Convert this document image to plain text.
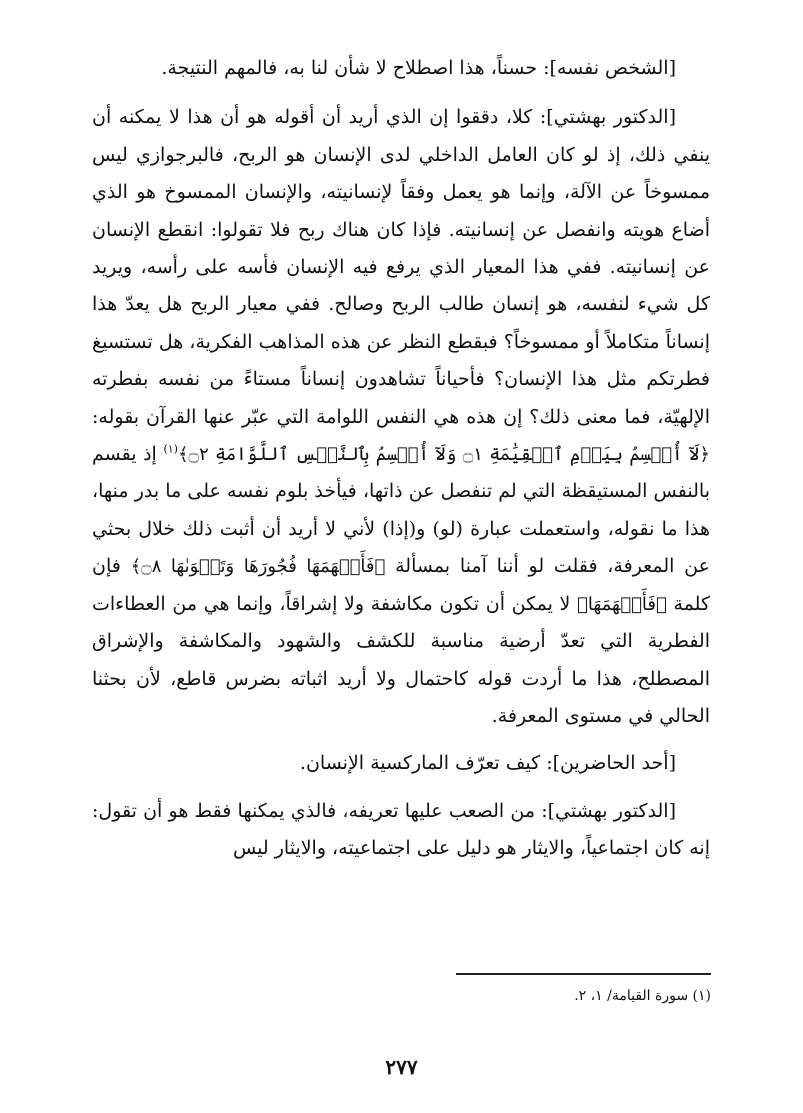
[الشخص نفسه]: حسناً، هذا اصطلاح لا شأن لنا به، فالمهم النتيجة.

[الدكتور بهشتي]: كلا، دققوا إن الذي أريد أن أقوله هو أن هذا لا يمكنه أن ينفي ذلك، إذ لو كان العامل الداخلي لدى الإنسان هو الربح، فالبرجوازي ليس ممسوخاً عن الآلة، وإنما هو يعمل وفقاً لإنسانيته، والإنسان الممسوخ هو الذي أضاع هويته وانفصل عن إنسانيته. فإذا كان هناك ربح فلا تقولوا: انقطع الإنسان عن إنسانيته. ففي هذا المعيار الذي يرفع فيه الإنسان فأسه على رأسه، ويريد كل شيء لنفسه، هو إنسان طالب الربح وصالح. ففي معيار الربح هل يعدّ هذا إنساناً متكاملاً أو ممسوخاً؟ فبقطع النظر عن هذه المذاهب الفكرية، هل تستسيغ فطرتكم مثل هذا الإنسان؟ فأحياناً تشاهدون إنساناً مستاءً من نفسه بفطرته الإلهيّة، فما معنى ذلك؟ إن هذه هي النفس اللوامة التي عبّر عنها القرآن بقوله: ﴿لَآ أُقۡسِمُ بِيَوۡمِ ٱلۡقِيَٰمَةِ ۝١ وَلَآ أُقۡسِمُ بِٱلنَّفۡسِ ٱللَّوَّامَةِ ۝٢﴾$^{(١)}$ إذ يقسم بالنفس المستيقظة التي لم تنفصل عن ذاتها، فيأخذ بلوم نفسه على ما بدر منها، هذا ما نقوله، واستعملت عبارة (لو) و(إذا) لأني لا أريد أن أثبت ذلك خلال بحثي عن المعرفة، فقلت لو أننا آمنا بمسألة ﴿فَأَلۡهَمَهَا فُجُورَهَا وَتَقۡوَىٰهَا ۝٨﴾ فإن كلمة ﴿فَأَلۡهَمَهَا﴾ لا يمكن أن تكون مكاشفة ولا إشراقاً، وإنما هي من العطاءات الفطرية التي تعدّ أرضية مناسبة للكشف والشهود والمكاشفة والإشراق المصطلح، هذا ما أردت قوله كاحتمال ولا أريد اثباته بضرس قاطع، لأن بحثنا الحالي في مستوى المعرفة.

[أحد الحاضرين]: كيف تعرّف الماركسية الإنسان.

[الدكتور بهشتي]: من الصعب عليها تعريفه، فالذي يمكنها فقط هو أن تقول: إنه كان اجتماعياً، والايثار هو دليل على اجتماعيته، والايثار ليس

(١) سورة القيامة/ ١، ٢.
٢٧٧
